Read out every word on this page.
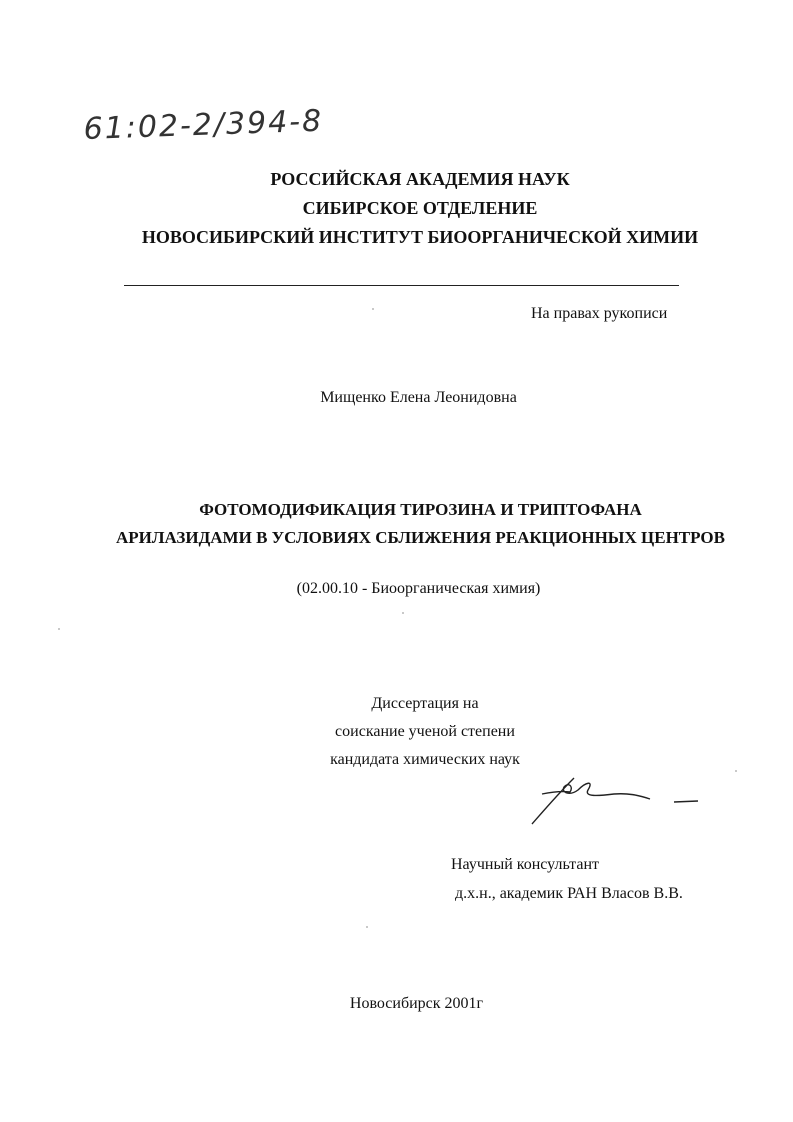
61:02-2/394-8
РОССИЙСКАЯ АКАДЕМИЯ НАУК
СИБИРСКОЕ ОТДЕЛЕНИЕ
НОВОСИБИРСКИЙ ИНСТИТУТ БИООРГАНИЧЕСКОЙ ХИМИИ
На правах рукописи
Мищенко Елена Леонидовна
ФОТОМОДИФИКАЦИЯ ТИРОЗИНА И ТРИПТОФАНА
АРИЛАЗИДАМИ В УСЛОВИЯХ СБЛИЖЕНИЯ РЕАКЦИОННЫХ ЦЕНТРОВ
(02.00.10 - Биоорганическая химия)
Диссертация на
соискание ученой степени
кандидата химических наук
Научный консультант
д.х.н., академик РАН Власов В.В.
Новосибирск 2001г
